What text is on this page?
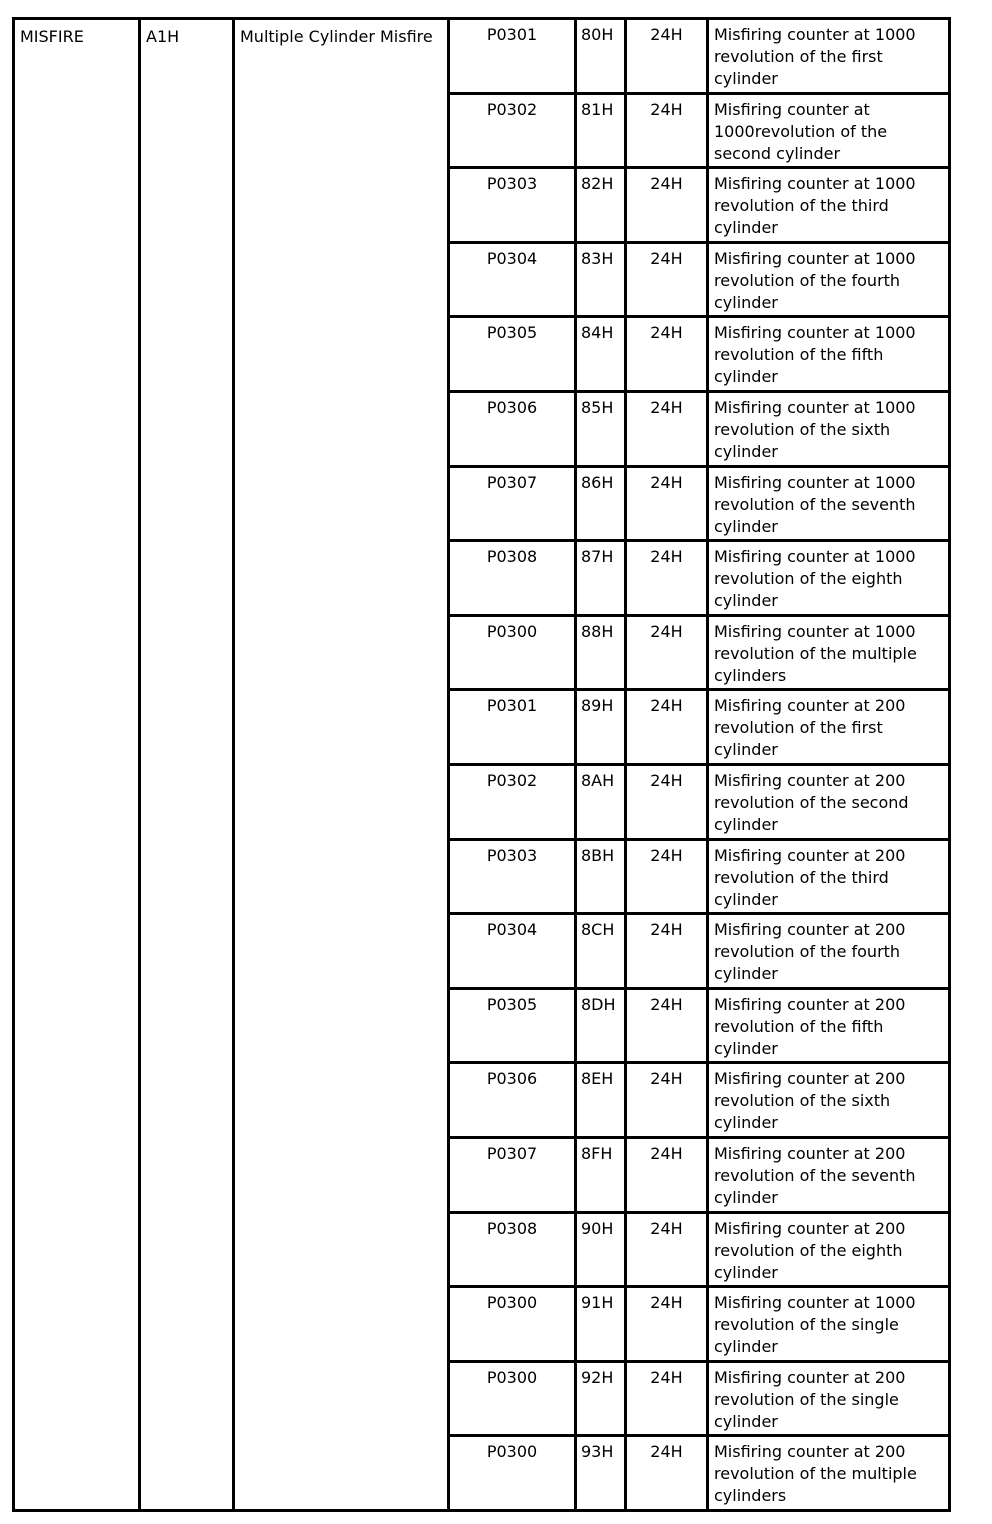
MISFIRE	A1H	Multiple Cylinder Misfire	P0301	80H	24H	Misfiring counter at 1000 revolution of the first cylinder
			P0302	81H	24H	Misfiring counter at 1000revolution of the second cylinder
			P0303	82H	24H	Misfiring counter at 1000 revolution of the third cylinder
			P0304	83H	24H	Misfiring counter at 1000 revolution of the fourth cylinder
			P0305	84H	24H	Misfiring counter at 1000 revolution of the fifth cylinder
			P0306	85H	24H	Misfiring counter at 1000 revolution of the sixth cylinder
			P0307	86H	24H	Misfiring counter at 1000 revolution of the seventh cylinder
			P0308	87H	24H	Misfiring counter at 1000 revolution of the eighth cylinder
			P0300	88H	24H	Misfiring counter at 1000 revolution of the multiple cylinders
			P0301	89H	24H	Misfiring counter at 200 revolution of the first cylinder
			P0302	8AH	24H	Misfiring counter at 200 revolution of the second cylinder
			P0303	8BH	24H	Misfiring counter at 200 revolution of the third cylinder
			P0304	8CH	24H	Misfiring counter at 200 revolution of the fourth cylinder
			P0305	8DH	24H	Misfiring counter at 200 revolution of the fifth cylinder
			P0306	8EH	24H	Misfiring counter at 200 revolution of the sixth cylinder
			P0307	8FH	24H	Misfiring counter at 200 revolution of the seventh cylinder
			P0308	90H	24H	Misfiring counter at 200 revolution of the eighth cylinder
			P0300	91H	24H	Misfiring counter at 1000 revolution of the single cylinder
			P0300	92H	24H	Misfiring counter at 200 revolution of the single cylinder
			P0300	93H	24H	Misfiring counter at 200 revolution of the multiple cylinders
